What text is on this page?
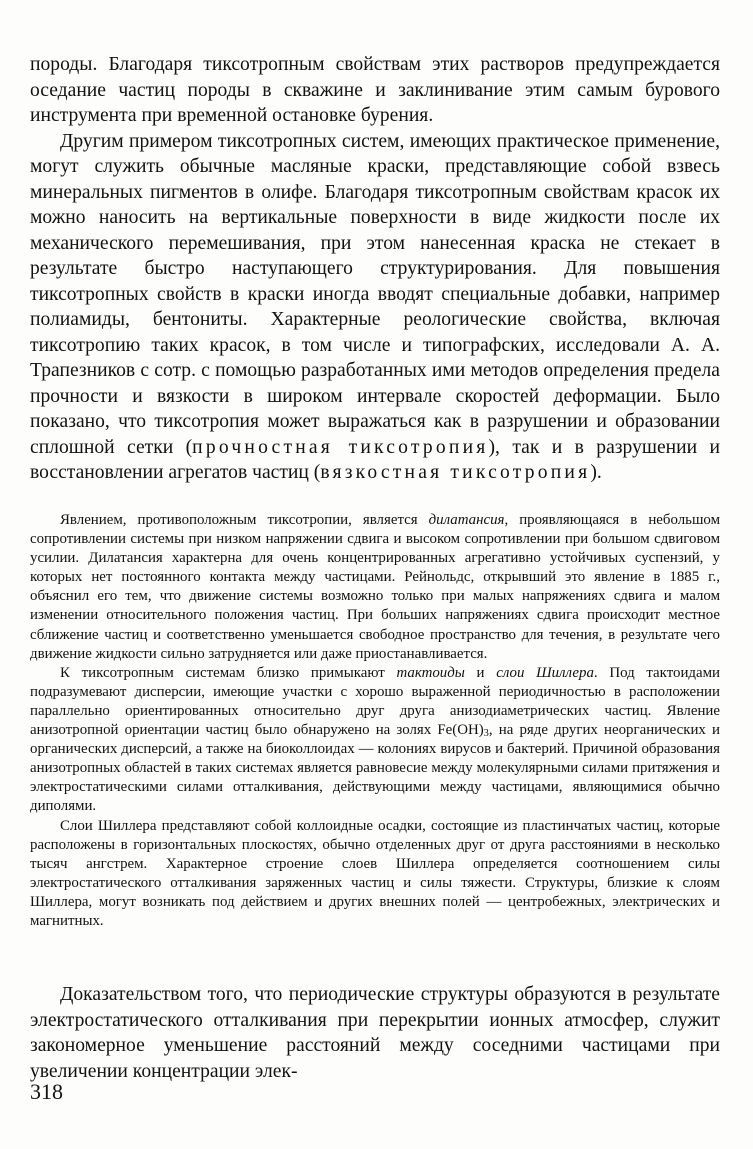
породы. Благодаря тиксотропным свойствам этих растворов предупреждается оседание частиц породы в скважине и заклинивание этим самым бурового инструмента при временной остановке бурения.

Другим примером тиксотропных систем, имеющих практическое применение, могут служить обычные масляные краски, представляющие собой взвесь минеральных пигментов в олифе. Благодаря тиксотропным свойствам красок их можно наносить на вертикальные поверхности в виде жидкости после их механического перемешивания, при этом нанесенная краска не стекает в результате быстро наступающего структурирования. Для повышения тиксотропных свойств в краски иногда вводят специальные добавки, например полиамиды, бентониты. Характерные реологические свойства, включая тиксотропию таких красок, в том числе и типографских, исследовали А. А. Трапезников с сотр. с помощью разработанных ими методов определения предела прочности и вязкости в широком интервале скоростей деформации. Было показано, что тиксотропия может выражаться как в разрушении и образовании сплошной сетки (прочностная тиксотропия), так и в разрушении и восстановлении агрегатов частиц (вязкостная тиксотропия).

Явлением, противоположным тиксотропии, является дилатансия, проявляющаяся в небольшом сопротивлении системы при низком напряжении сдвига и высоком сопротивлении при большом сдвиговом усилии. Дилатансия характерна для очень концентрированных агрегативно устойчивых суспензий, у которых нет постоянного контакта между частицами. Рейнольдс, открывший это явление в 1885 г., объяснил его тем, что движение системы возможно только при малых напряжениях сдвига и малом изменении относительного положения частиц. При больших напряжениях сдвига происходит местное сближение частиц и соответственно уменьшается свободное пространство для течения, в результате чего движение жидкости сильно затрудняется или даже приостанавливается.

К тиксотропным системам близко примыкают тактоиды и слои Шиллера. Под тактоидами подразумевают дисперсии, имеющие участки с хорошо выраженной периодичностью в расположении параллельно ориентированных относительно друг друга анизодиаметрических частиц. Явление анизотропной ориентации частиц было обнаружено на золях $Fe(OH)_3$, на ряде других неорганических и органических дисперсий, а также на биоколлоидах — колониях вирусов и бактерий. Причиной образования анизотропных областей в таких системах является равновесие между молекулярными силами притяжения и электростатическими силами отталкивания, действующими между частицами, являющимися обычно диполями.

Слои Шиллера представляют собой коллоидные осадки, состоящие из пластинчатых частиц, которые расположены в горизонтальных плоскостях, обычно отделенных друг от друга расстояниями в несколько тысяч ангстрем. Характерное строение слоев Шиллера определяется соотношением силы электростатического отталкивания заряженных частиц и силы тяжести. Структуры, близкие к слоям Шиллера, могут возникать под действием и других внешних полей — центробежных, электрических и магнитных.

Доказательством того, что периодические структуры образуются в результате электростатического отталкивания при перекрытии ионных атмосфер, служит закономерное уменьшение расстояний между соседними частицами при увеличении концентрации элек-

318
